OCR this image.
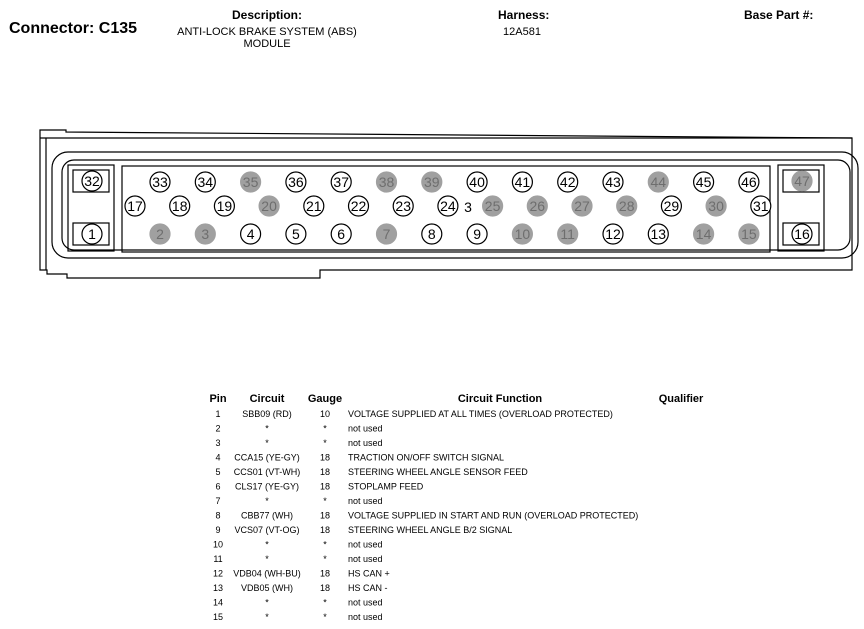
Connector: C135
Description:
ANTI-LOCK BRAKE SYSTEM (ABS)
MODULE
Harness:
12A581
Base Part #:
3
33 34 35 36 37 38 39 40 41 42 43 44 45 46
17 18 19 20 21 22 23 24 25 26 27 28 29 30 31
2	3	4	5	6	7	8	9 10 11 12 13 14 15
32
1
47
16
Pin Circuit Gauge	Circuit Function	Qualifier
1 SBB09 (RD)	10 VOLTAGE SUPPLIED AT ALL TIMES (OVERLOAD PROTECTED)
2	*	* not used
3	*	* not used
4 CCA15 (YE-GY) 18 TRACTION ON/OFF SWITCH SIGNAL
5 CCS01 (VT-WH) 18 STEERING WHEEL ANGLE SENSOR FEED
6 CLS17 (YE-GY) 18 STOPLAMP FEED
7	*	* not used
8 CBB77 (WH)	18 VOLTAGE SUPPLIED IN START AND RUN (OVERLOAD PROTECTED)
9 VCS07 (VT-OG) 18 STEERING WHEEL ANGLE B/2 SIGNAL
10	*	* not used
11	*	* not used
12 VDB04 (WH-BU) 18 HS CAN +
13 VDB05 (WH)	18 HS CAN -
14	*	* not used
15	*	* not used
